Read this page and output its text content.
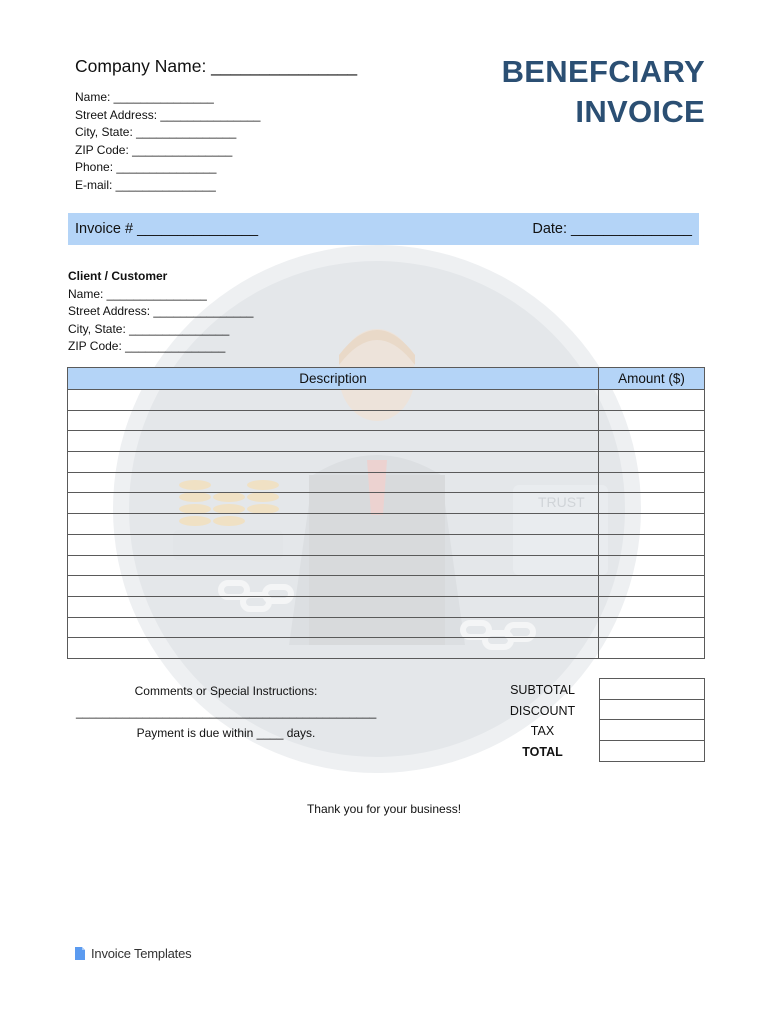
TRUST
Company Name: _______________
Name: _______________
Street Address: _______________
City, State: _______________
ZIP Code: _______________
Phone: _______________
E-mail: _______________
BENEFCIARY
INVOICE
Invoice # _______________	Date: _______________
Client / Customer
Name: _______________
Street Address: _______________
City, State: _______________
ZIP Code: _______________
Description	Amount ($)

Comments or Special Instructions:
_____________________________________________
Payment is due within ____ days.
SUBTOTAL
DISCOUNT
TAX
TOTAL

Thank you for your business!
Invoice Templates
